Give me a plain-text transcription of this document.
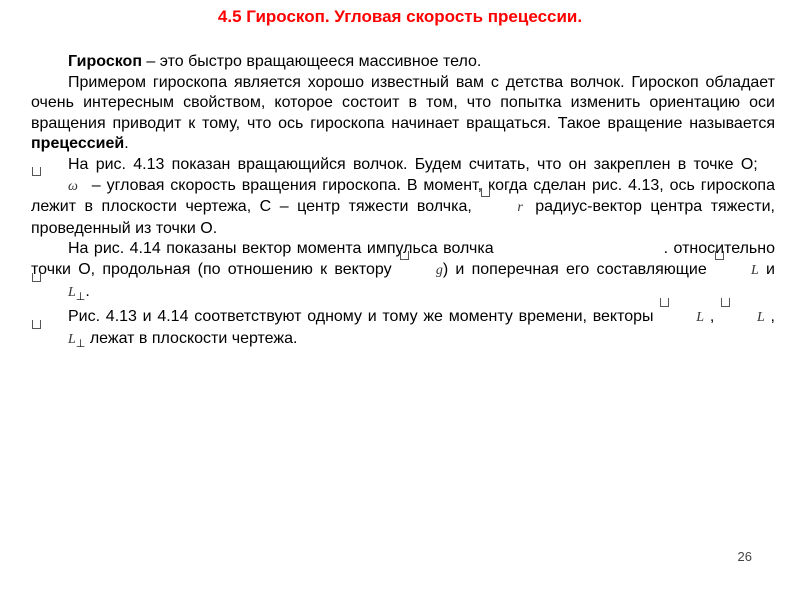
4.5 Гироскоп. Угловая скорость прецессии.

Гироскоп – это быстро вращающееся массивное тело.

Примером гироскопа является хорошо известный вам с детства волчок. Гироскоп обладает очень интересным свойством, которое состоит в том, что попытка изменить ориентацию оси вращения приводит к тому, что ось гироскопа начинает вращаться. Такое вращение называется прецессией.

На рис. 4.13 показан вращающийся волчок. Будем считать, что он закреплен в точке O;
ω – угловая скорость вращения гироскопа. В момент, когда сделан рис. 4.13, ось гироскопа лежит в плоскости чертежа, C – центр тяжести волчка,	r радиус-вектор центра тяжести, проведенный из точки O.

На рис. 4.14 показаны вектор момента импульса волчка	. относительно точки O, продольная (по отношению к вектору	g) и поперечная его составляющие	L и
$L_\perp$.

Рис. 4.13 и 4.14 соответствуют одному и тому же моменту времени, векторы	L ,	L ,
$L_\perp$ лежат в плоскости чертежа.

26
